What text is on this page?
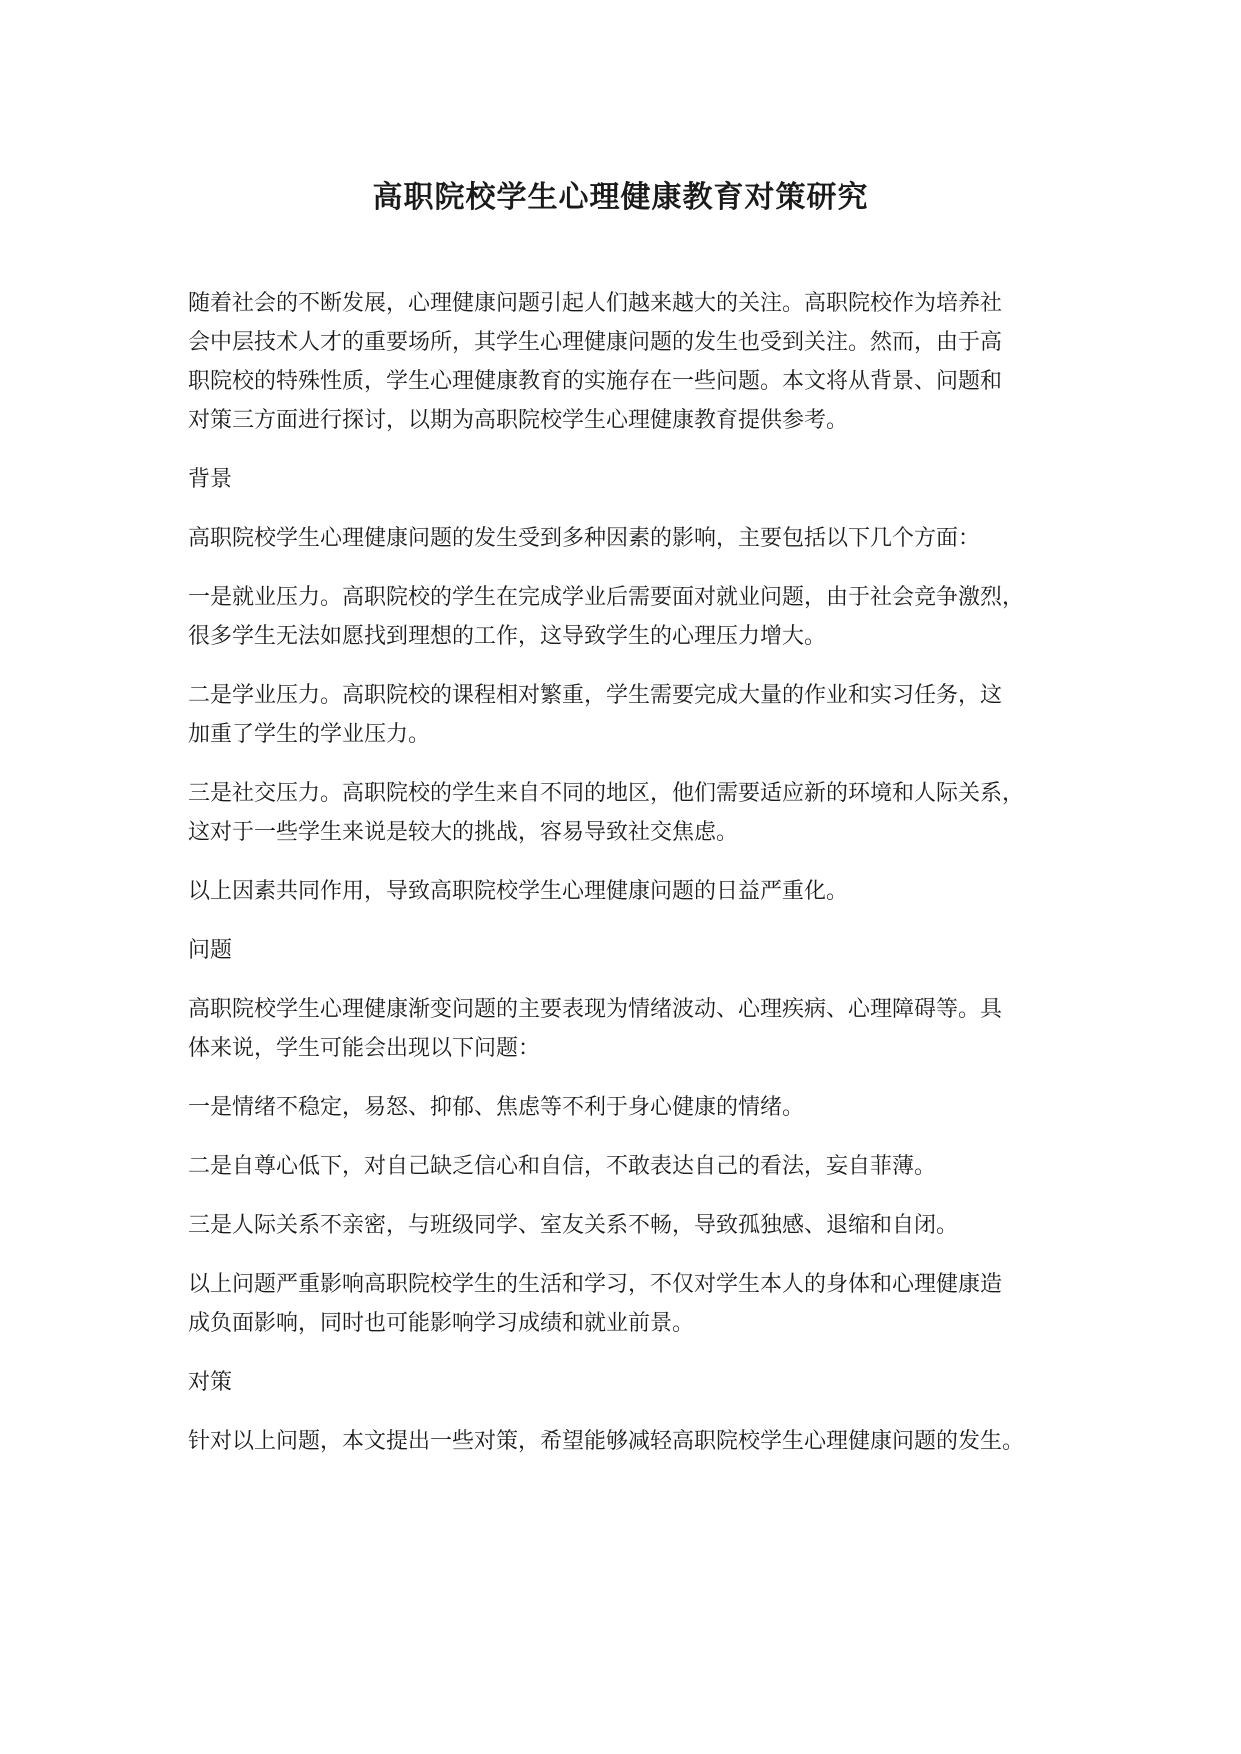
高职院校学生心理健康教育对策研究

随着社会的不断发展，心理健康问题引起人们越来越大的关注。高职院校作为培养社
会中层技术人才的重要场所，其学生心理健康问题的发生也受到关注。然而，由于高
职院校的特殊性质，学生心理健康教育的实施存在一些问题。本文将从背景、问题和
对策三方面进行探讨，以期为高职院校学生心理健康教育提供参考。

背景

高职院校学生心理健康问题的发生受到多种因素的影响，主要包括以下几个方面：

一是就业压力。高职院校的学生在完成学业后需要面对就业问题，由于社会竞争激烈，
很多学生无法如愿找到理想的工作，这导致学生的心理压力增大。

二是学业压力。高职院校的课程相对繁重，学生需要完成大量的作业和实习任务，这
加重了学生的学业压力。

三是社交压力。高职院校的学生来自不同的地区，他们需要适应新的环境和人际关系，
这对于一些学生来说是较大的挑战，容易导致社交焦虑。

以上因素共同作用，导致高职院校学生心理健康问题的日益严重化。

问题

高职院校学生心理健康渐变问题的主要表现为情绪波动、心理疾病、心理障碍等。具
体来说，学生可能会出现以下问题：

一是情绪不稳定，易怒、抑郁、焦虑等不利于身心健康的情绪。

二是自尊心低下，对自己缺乏信心和自信，不敢表达自己的看法，妄自菲薄。

三是人际关系不亲密，与班级同学、室友关系不畅，导致孤独感、退缩和自闭。

以上问题严重影响高职院校学生的生活和学习，不仅对学生本人的身体和心理健康造
成负面影响，同时也可能影响学习成绩和就业前景。

对策

针对以上问题，本文提出一些对策，希望能够减轻高职院校学生心理健康问题的发生。
